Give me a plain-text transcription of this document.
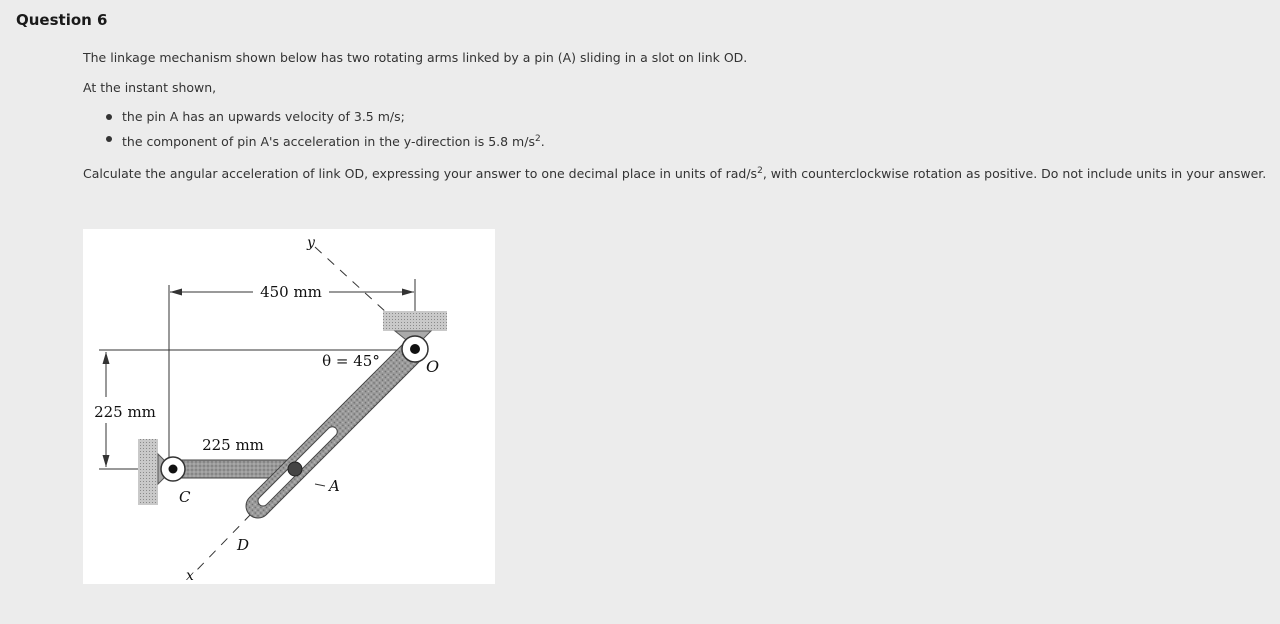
Question 6

The linkage mechanism shown below has two rotating arms linked by a pin (A) sliding in a slot on link OD.

At the instant shown,

the pin A has an upwards velocity of 3.5 m/s;
the component of pin A's acceleration in the y-direction is 5.8 $m/s^2$.

Calculate the angular acceleration of link OD, expressing your answer to one decimal place in units of rad/$s^2$, with counterclockwise rotation as positive. Do not include units in your answer.

450 mm
225 mm
y
x
θ = 45°	O
225 mm
A
C
D
